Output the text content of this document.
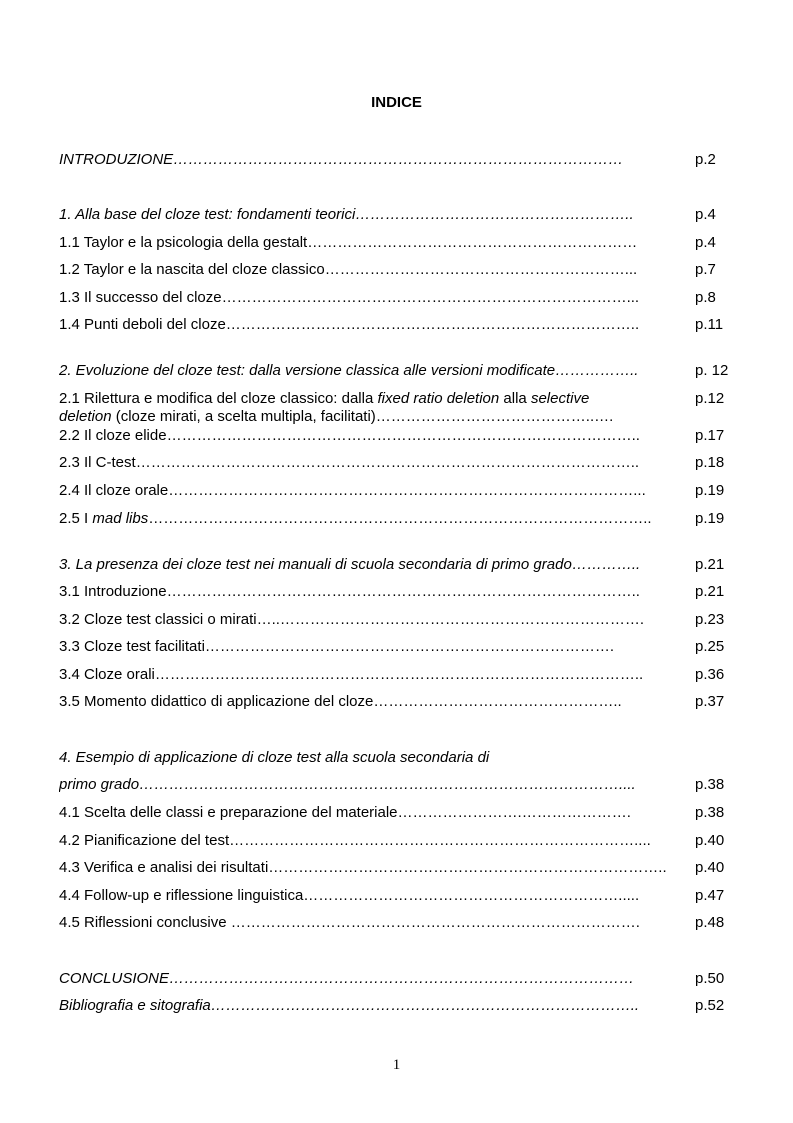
INDICE
INTRODUZIONE………………………………………………………………………………	p.2
1. Alla base del cloze test: fondamenti teorici………………………………………………..	p.4
1.1 Taylor e la psicologia della gestalt…………………………………………………………	p.4
1.2 Taylor e la nascita del cloze classico……………………………………………………...	p.7
1.3 Il successo del cloze………………………………………………………………………...	p.8
1.4 Punti deboli del cloze………………………………………………………………………..	p.11
2. Evoluzione del cloze test: dalla versione classica alle versioni modificate……………..	p. 12
2.1 Rilettura e modifica del cloze classico: dalla fixed ratio deletion alla selective	p.12
deletion (cloze mirati, a scelta multipla, facilitati)……………………………………..….
2.2 Il cloze elide…………………………………………………………………………………..	p.17
2.3 Il C-test………………………………………………………………………………………..	p.18
2.4 Il cloze orale…………………………………………………………………………………...	p.19
2.5 I mad libs………………………………………………………………………………………..	p.19
3. La presenza dei cloze test nei manuali di scuola secondaria di primo grado…………..	p.21
3.1 Introduzione…………………………………………………………………………………..	p.21
3.2 Cloze test classici o mirati…..……………………………………………………………….	p.23
3.3 Cloze test facilitati……………………………………………………………………….	p.25
3.4 Cloze orali……………………………………………………………………………………..	p.36
3.5 Momento didattico di applicazione del cloze…………………………………………..	p.37
4. Esempio di applicazione di cloze test alla scuola secondaria di
primo grado……………………………………………………………………………………....	p.38
4.1 Scelta delle classi e preparazione del materiale…………………….………………….	p.38
4.2 Pianificazione del test………………………………………………………………………....	p.40
4.3 Verifica e analisi dei risultati……………………………………………………………………..	p.40
4.4 Follow-up e riflessione linguistica……………………………………………………….....	p.47
4.5 Riflessioni conclusive ……………………………………………………………………….	p.48
CONCLUSIONE…………………………………………………………………………………	p.50
Bibliografia e sitografia…………………………………………………………………………..	p.52
1
